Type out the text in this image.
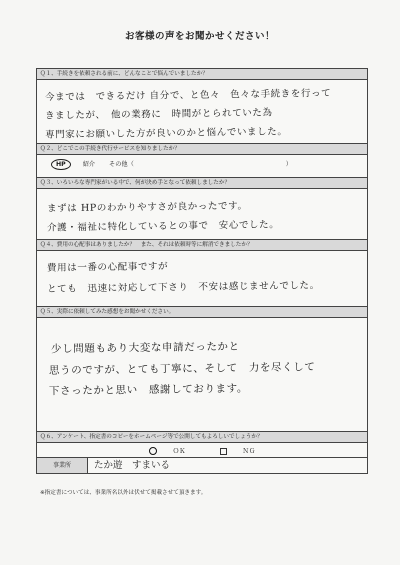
お客様の声をお聞かせください！
Ｑ１、手続きを依頼される前に、どんなことで悩んでいましたか？
今までは　できるだけ 自分で、と色々　色々な手続きを行って
きましたが、　他の業務に　時間がとられていた為
専門家にお願いした方が良いのかと悩んでいました。
Ｑ２、どこでこの手続き代行サービスを知りましたか？
HP	紹介 その他（	）
Ｑ３、いろいろな専門家がいる中で、何が決め手となって依頼しましたか？
まずは HPのわかりやすさが良かったです。
介護・福祉に特化しているとの事で　安心でした。
Ｑ４、費用の心配事はありましたか？　また、それは依頼時等に解消できましたか？
費用は一番の心配事ですが
とても　迅速に対応して下さり　不安は感じませんでした。
Ｑ５、実際に依頼してみた感想をお聞かせください。
少し問題もあり大変な申請だったかと
思うのですが、とても丁寧に、そして　力を尽くして
下さったかと思い　感謝しております。
Ｑ６、アンケート、指定書のコピーをホームページ等で公開してもよろしいでしょうか？
ＯＫ	ＮＧ
事業所	たか遊　すまいる
※指定書については、事業所名以外は伏せて掲載させて頂きます。
